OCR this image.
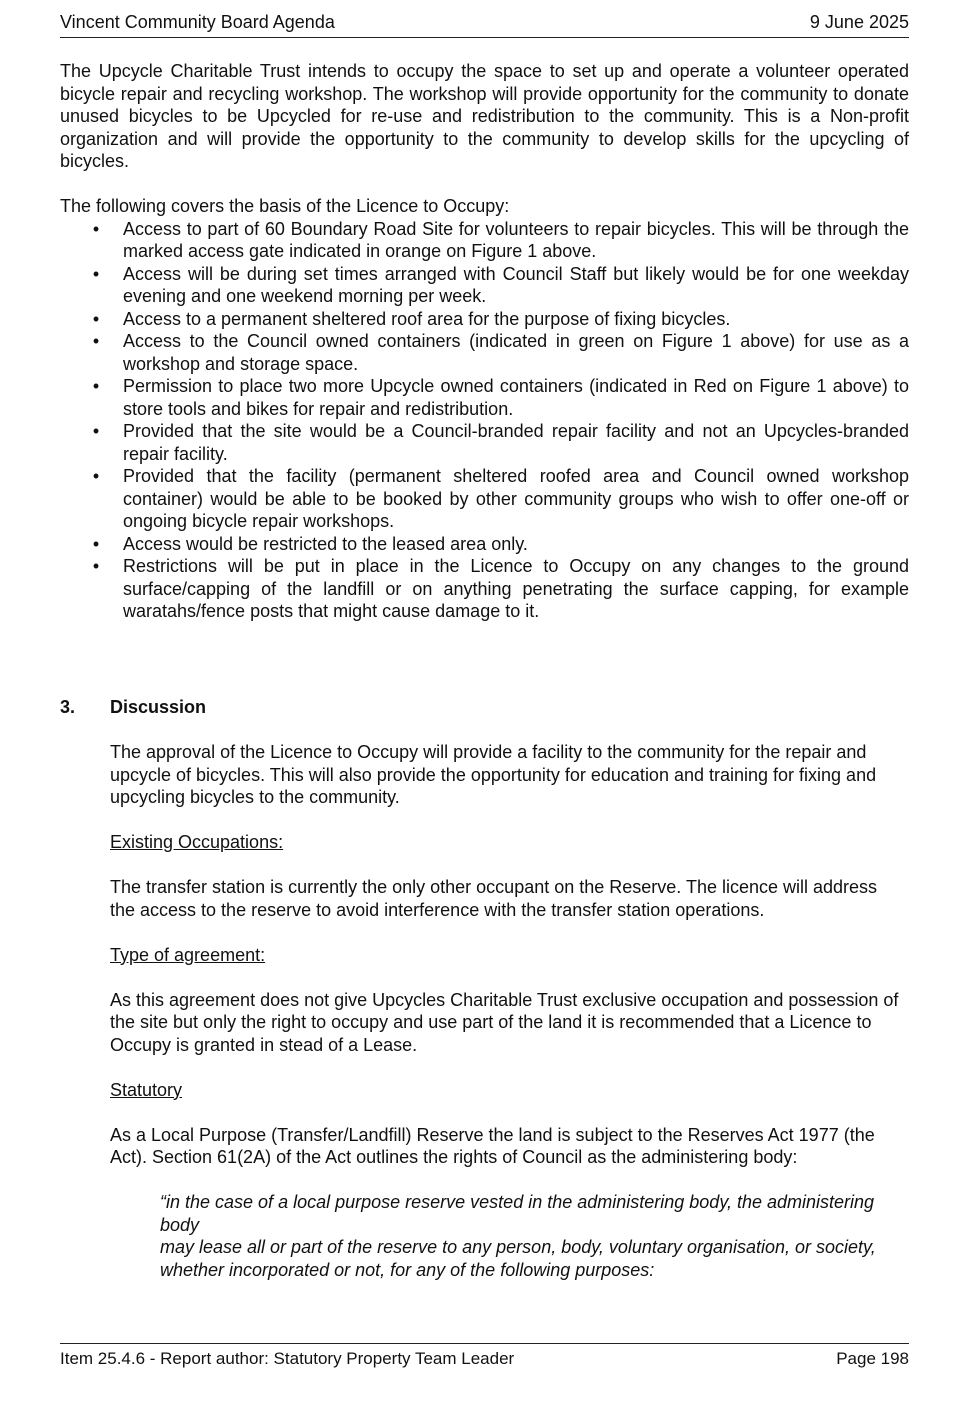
Vincent Community Board Agenda	9 June 2025

The Upcycle Charitable Trust intends to occupy the space to set up and operate a volunteer operated bicycle repair and recycling workshop. The workshop will provide opportunity for the community to donate unused bicycles to be Upcycled for re-use and redistribution to the community. This is a Non-profit organization and will provide the opportunity to the community to develop skills for the upcycling of bicycles.

The following covers the basis of the Licence to Occupy:

• Access to part of 60 Boundary Road Site for volunteers to repair bicycles. This will be through the marked access gate indicated in orange on Figure 1 above.
• Access will be during set times arranged with Council Staff but likely would be for one weekday evening and one weekend morning per week.
• Access to a permanent sheltered roof area for the purpose of fixing bicycles.
• Access to the Council owned containers (indicated in green on Figure 1 above) for use as a workshop and storage space.
• Permission to place two more Upcycle owned containers (indicated in Red on Figure 1 above) to store tools and bikes for repair and redistribution.
• Provided that the site would be a Council-branded repair facility and not an Upcycles-branded repair facility.
• Provided that the facility (permanent sheltered roofed area and Council owned workshop container) would be able to be booked by other community groups who wish to offer one-off or ongoing bicycle repair workshops.
• Access would be restricted to the leased area only.
• Restrictions will be put in place in the Licence to Occupy on any changes to the ground surface/capping of the landfill or on anything penetrating the surface capping, for example waratahs/fence posts that might cause damage to it.
3. Discussion

The approval of the Licence to Occupy will provide a facility to the community for the repair and upcycle of bicycles. This will also provide the opportunity for education and training for fixing and upcycling bicycles to the community.

Existing Occupations:

The transfer station is currently the only other occupant on the Reserve. The licence will address the access to the reserve to avoid interference with the transfer station operations.

Type of agreement:

As this agreement does not give Upcycles Charitable Trust exclusive occupation and possession of the site but only the right to occupy and use part of the land it is recommended that a Licence to Occupy is granted in stead of a Lease.

Statutory

As a Local Purpose (Transfer/Landfill) Reserve the land is subject to the Reserves Act 1977 (the Act). Section 61(2A) of the Act outlines the rights of Council as the administering body:

“in the case of a local purpose reserve vested in the administering body, the administering body

may lease all or part of the reserve to any person, body, voluntary organisation, or society,

whether incorporated or not, for any of the following purposes:

Item 25.4.6 - Report author: Statutory Property Team Leader	Page 198
